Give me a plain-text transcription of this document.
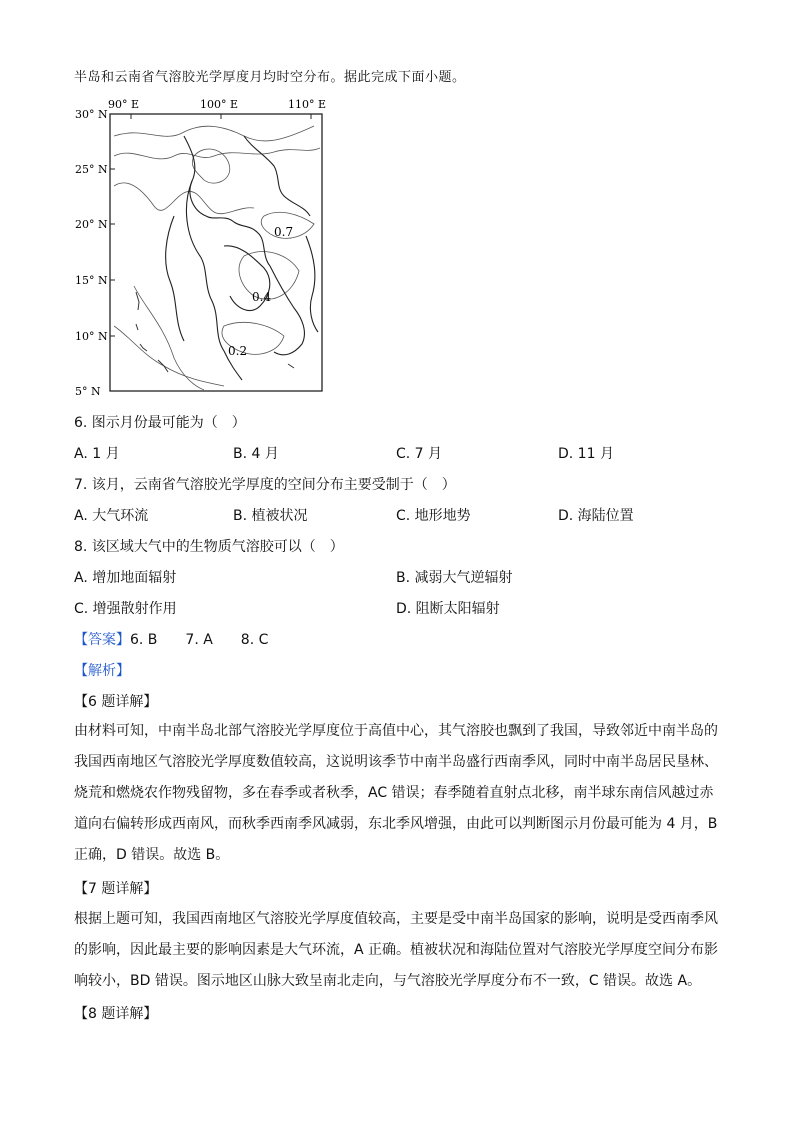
半岛和云南省气溶胶光学厚度月均时空分布。据此完成下面小题。
90° E	100° E	110° E
30° N
25° N
20° N
15° N
10° N
5° N
0.7
0.4
0.2
6. 图示月份最可能为（　）
A. 1 月	B. 4 月	C. 7 月	D. 11 月
7. 该月，云南省气溶胶光学厚度的空间分布主要受制于（　）
A. 大气环流	B. 植被状况	C. 地形地势	D. 海陆位置
8. 该区域大气中的生物质气溶胶可以（　）
A. 增加地面辐射	B. 减弱大气逆辐射
C. 增强散射作用	D. 阻断太阳辐射
【答案】6. B　　7. A　　8. C
【解析】
【6 题详解】
由材料可知，中南半岛北部气溶胶光学厚度位于高值中心，其气溶胶也飘到了我国，导致邻近中南半岛的我国西南地区气溶胶光学厚度数值较高，这说明该季节中南半岛盛行西南季风，同时中南半岛居民垦林、烧荒和燃烧农作物残留物，多在春季或者秋季，AC 错误；春季随着直射点北移，南半球东南信风越过赤道向右偏转形成西南风，而秋季西南季风减弱，东北季风增强，由此可以判断图示月份最可能为 4 月，B 正确，D 错误。故选 B。
【7 题详解】
根据上题可知，我国西南地区气溶胶光学厚度值较高，主要是受中南半岛国家的影响，说明是受西南季风的影响，因此最主要的影响因素是大气环流，A 正确。植被状况和海陆位置对气溶胶光学厚度空间分布影响较小，BD 错误。图示地区山脉大致呈南北走向，与气溶胶光学厚度分布不一致，C 错误。故选 A。
【8 题详解】
